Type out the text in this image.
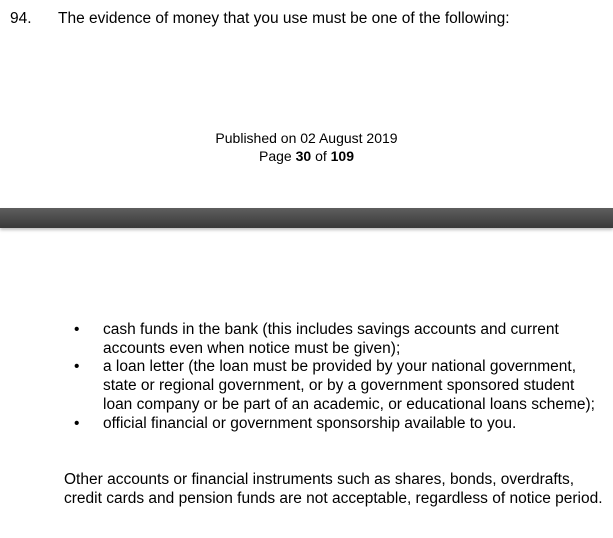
94. The evidence of money that you use must be one of the following:
Published on 02 August 2019
Page 30 of 109
• cash funds in the bank (this includes savings accounts and current accounts even when notice must be given);
• a loan letter (the loan must be provided by your national government, state or regional government, or by a government sponsored student loan company or be part of an academic, or educational loans scheme);
• official financial or government sponsorship available to you.
Other accounts or financial instruments such as shares, bonds, overdrafts, credit cards and pension funds are not acceptable, regardless of notice period.
